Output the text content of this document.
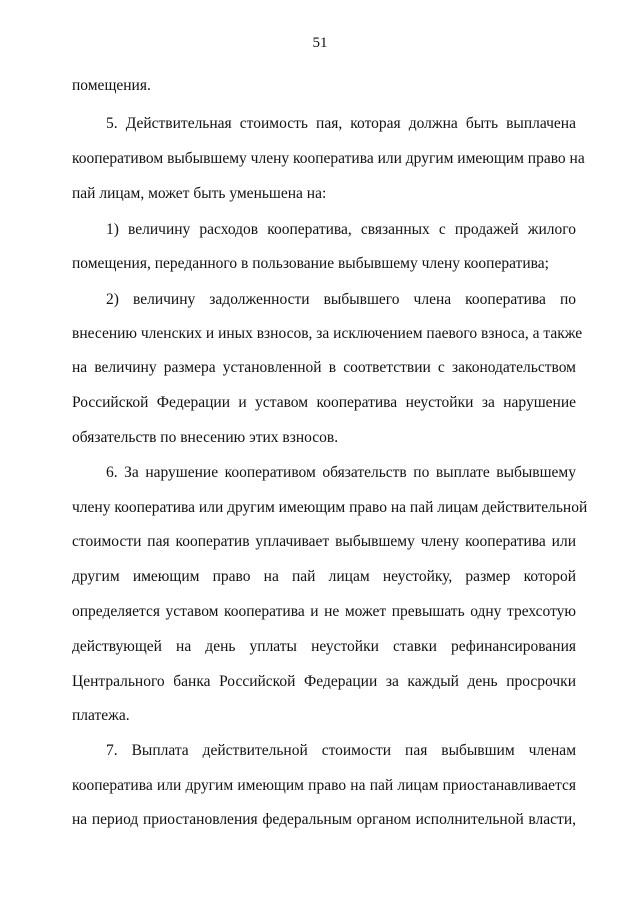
51
помещения.
5. Действительная стоимость пая, которая должна быть выплачена
кооперативом выбывшему члену кооператива или другим имеющим право на
пай лицам, может быть уменьшена на:
1) величину расходов кооператива, связанных с продажей жилого
помещения, переданного в пользование выбывшему члену кооператива;
2) величину задолженности выбывшего члена кооператива по
внесению членских и иных взносов, за исключением паевого взноса, а также
на величину размера установленной в соответствии с законодательством
Российской Федерации и уставом кооператива неустойки за нарушение
обязательств по внесению этих взносов.
6. За нарушение кооперативом обязательств по выплате выбывшему
члену кооператива или другим имеющим право на пай лицам действительной
стоимости пая кооператив уплачивает выбывшему члену кооператива или
другим имеющим право на пай лицам неустойку, размер которой
определяется уставом кооператива и не может превышать одну трехсотую
действующей на день уплаты неустойки ставки рефинансирования
Центрального банка Российской Федерации за каждый день просрочки
платежа.
7. Выплата действительной стоимости пая выбывшим членам
кооператива или другим имеющим право на пай лицам приостанавливается
на период приостановления федеральным органом исполнительной власти,
